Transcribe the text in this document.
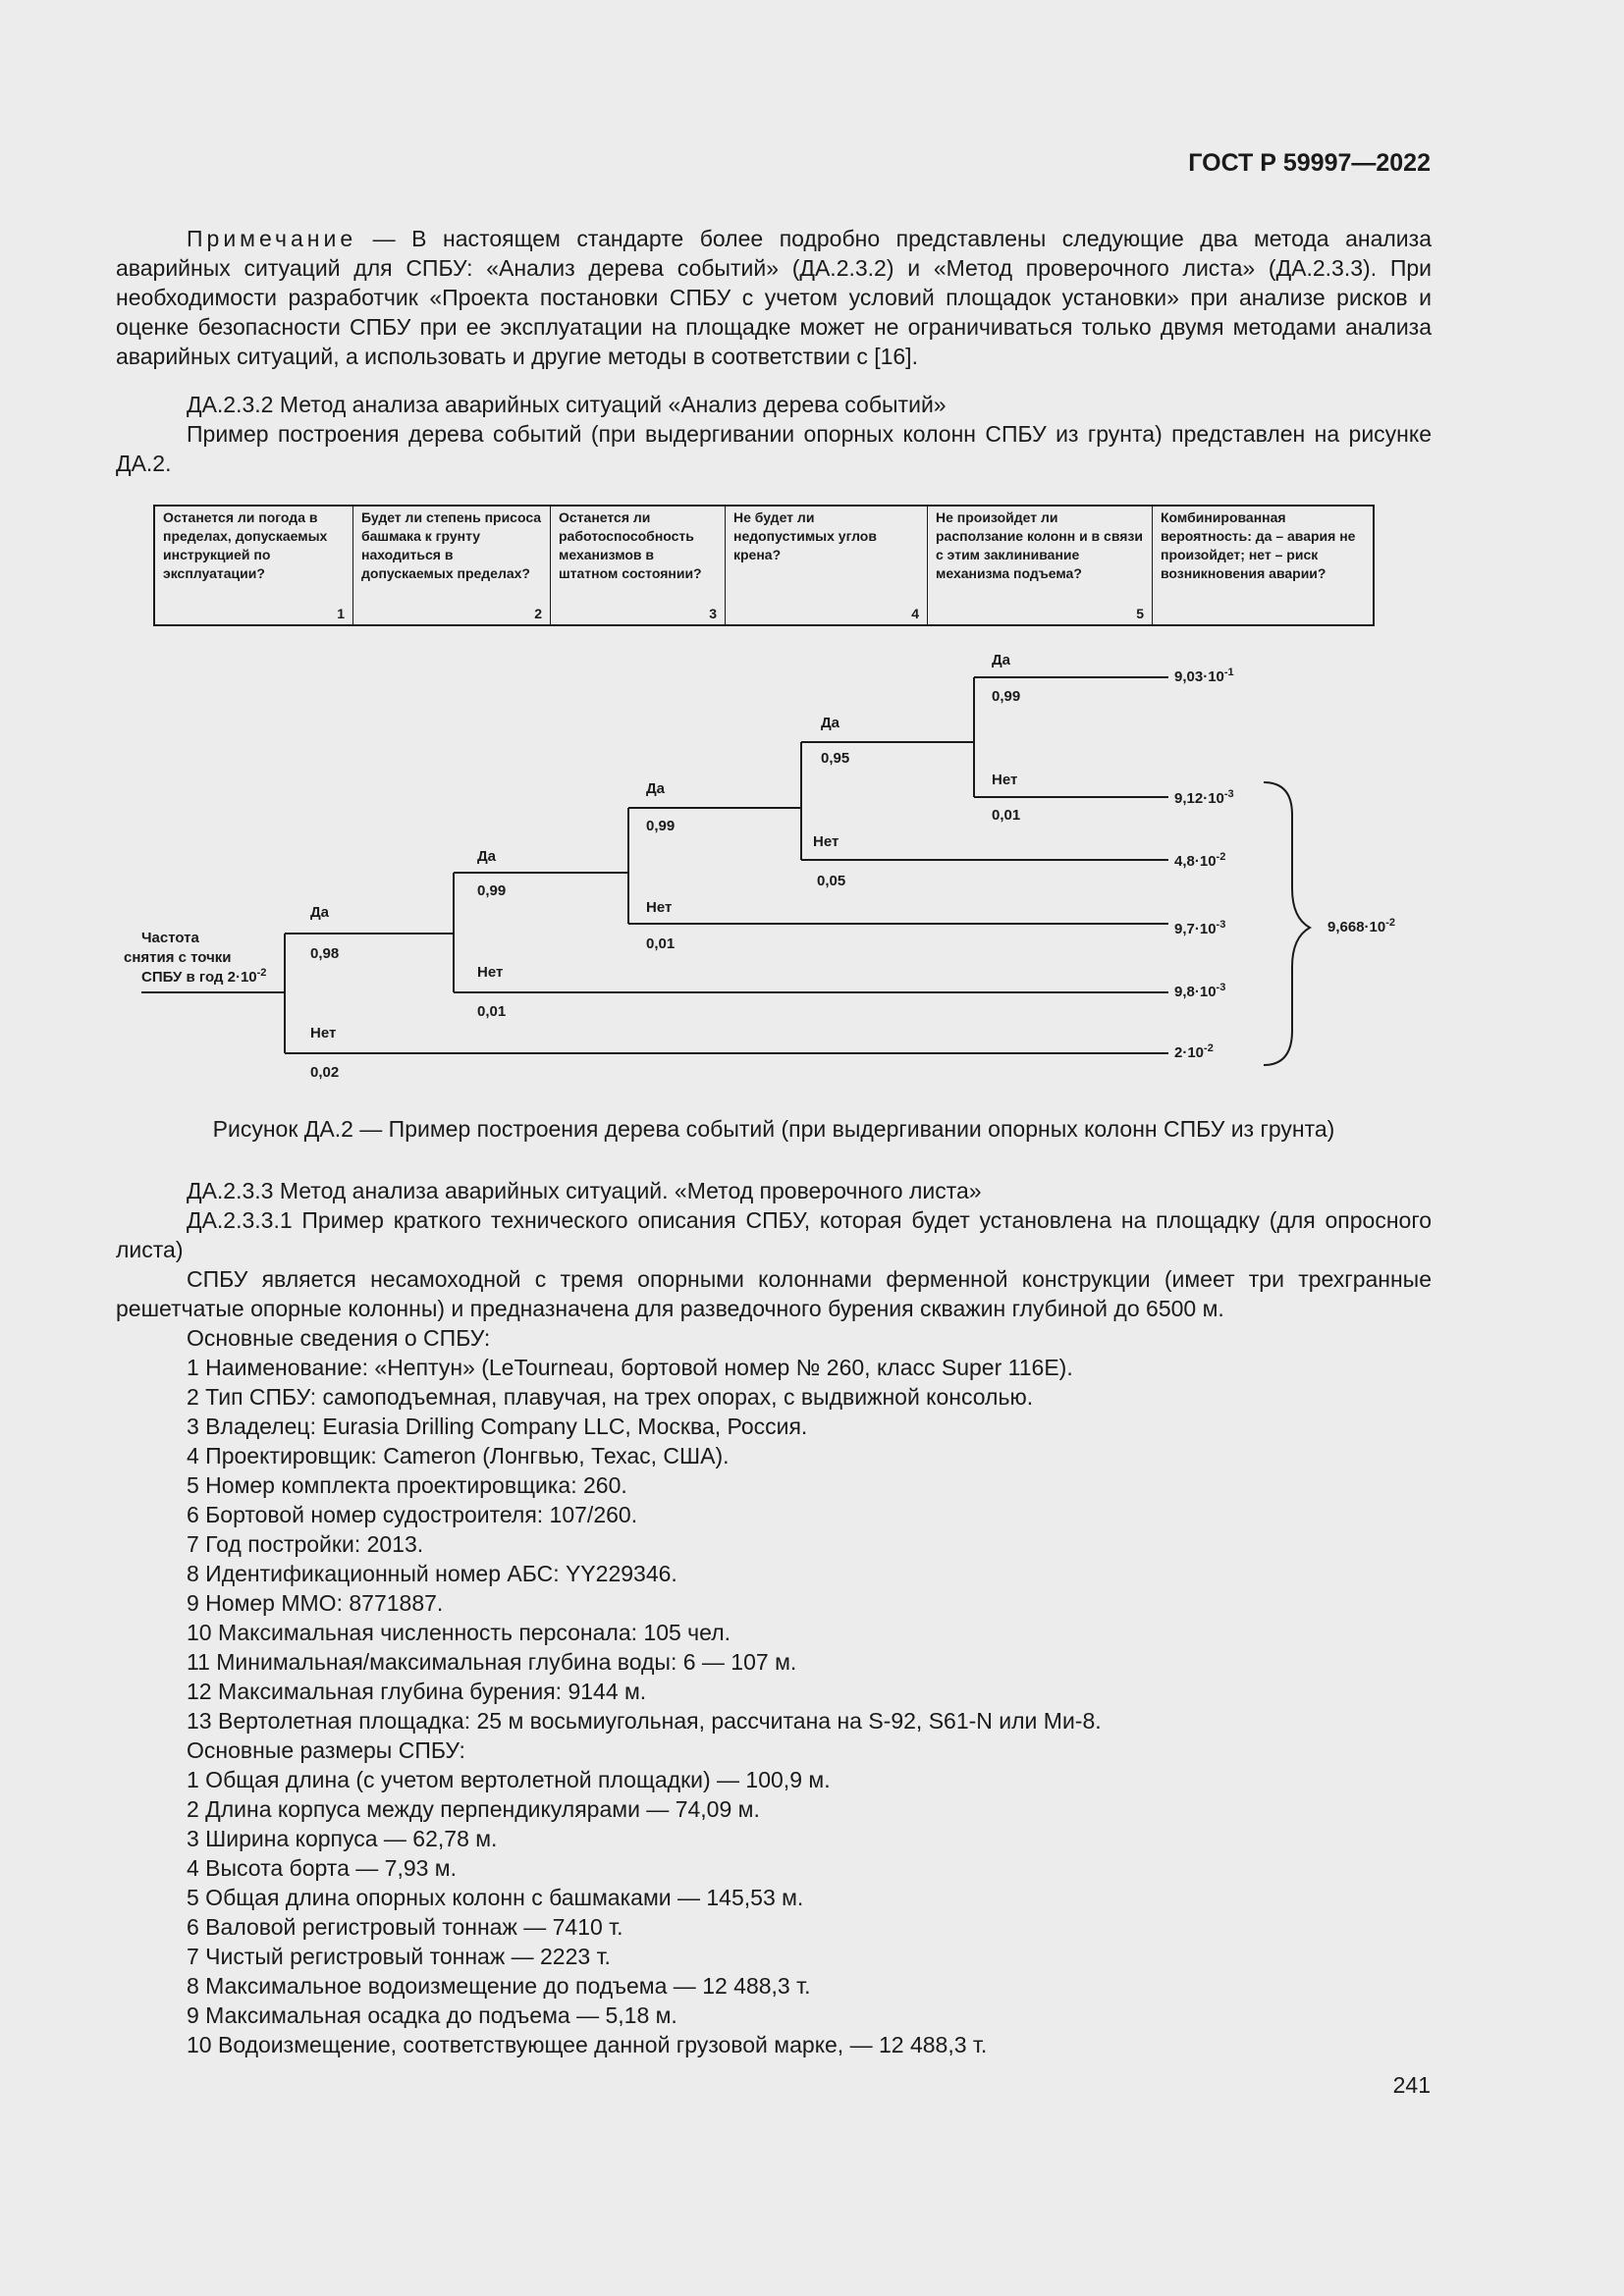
ГОСТ Р 59997—2022

Примечание — В настоящем стандарте более подробно представлены следующие два метода анализа аварийных ситуаций для СПБУ: «Анализ дерева событий» (ДА.2.3.2) и «Метод проверочного листа» (ДА.2.3.3). При необходимости разработчик «Проекта постановки СПБУ с учетом условий площадок установки» при анализе рисков и оценке безопасности СПБУ при ее эксплуатации на площадке может не ограничиваться только двумя методами анализа аварийных ситуаций, а использовать и другие методы в соответствии с [16].

ДА.2.3.2 Метод анализа аварийных ситуаций «Анализ дерева событий»

Пример построения дерева событий (при выдергивании опорных колонн СПБУ из грунта) представлен на рисунке ДА.2.

Останется ли погода в пределах, допускаемых инструкцией по эксплуатации?
1
Будет ли степень присоса башмака к грунту находиться в допускаемых пределах?
2
Останется ли работоспособность механизмов в штатном состоянии?
3
Не будет ли недопустимых углов крена?
4
Не произойдет ли расползание колонн и в связи с этим заклинивание механизма подъема?
5
Комбинированная вероятность: да – авария не произойдет; нет – риск возникновения аварии?
Частота
снятия с точки
СПБУ в год $2\cdot 10^{-2}$
Да
0,98
Нет
0,02
Да
0,99
Нет
0,01
Да
0,99
Нет
0,01
Да
0,95
Нет
0,05
Да
0,99
Нет
0,01
$9,03\cdot 10^{-1}$
$9,12\cdot 10^{-3}$
$4,8\cdot 10^{-2}$
$9,7\cdot 10^{-3}$
$9,8\cdot 10^{-3}$
$2\cdot 10^{-2}$
$9,668\cdot 10^{-2}$
Рисунок ДА.2 — Пример построения дерева событий (при выдергивании опорных колонн СПБУ из грунта)

ДА.2.3.3 Метод анализа аварийных ситуаций. «Метод проверочного листа»

ДА.2.3.3.1 Пример краткого технического описания СПБУ, которая будет установлена на площадку (для опросного листа)

СПБУ является несамоходной с тремя опорными колоннами ферменной конструкции (имеет три трехгранные решетчатые опорные колонны) и предназначена для разведочного бурения скважин глубиной до 6500 м.

Основные сведения о СПБУ:

1 Наименование: «Нептун» (LeTourneau, бортовой номер № 260, класс Super 116E).

2 Тип СПБУ: самоподъемная, плавучая, на трех опорах, с выдвижной консолью.

3 Владелец: Eurasia Drilling Company LLC, Москва, Россия.

4 Проектировщик: Cameron (Лонгвью, Техас, США).

5 Номер комплекта проектировщика: 260.

6 Бортовой номер судостроителя: 107/260.

7 Год постройки: 2013.

8 Идентификационный номер АБС: YY229346.

9 Номер ММО: 8771887.

10 Максимальная численность персонала: 105 чел.

11 Минимальная/максимальная глубина воды: 6 — 107 м.

12 Максимальная глубина бурения: 9144 м.

13 Вертолетная площадка: 25 м восьмиугольная, рассчитана на S-92, S61-N или Ми-8.

Основные размеры СПБУ:

1 Общая длина (с учетом вертолетной площадки) — 100,9 м.

2 Длина корпуса между перпендикулярами — 74,09 м.

3 Ширина корпуса — 62,78 м.

4 Высота борта — 7,93 м.

5 Общая длина опорных колонн с башмаками — 145,53 м.

6 Валовой регистровый тоннаж — 7410 т.

7 Чистый регистровый тоннаж — 2223 т.

8 Максимальное водоизмещение до подъема — 12 488,3 т.

9 Максимальная осадка до подъема — 5,18 м.

10 Водоизмещение, соответствующее данной грузовой марке, — 12 488,3 т.

241
